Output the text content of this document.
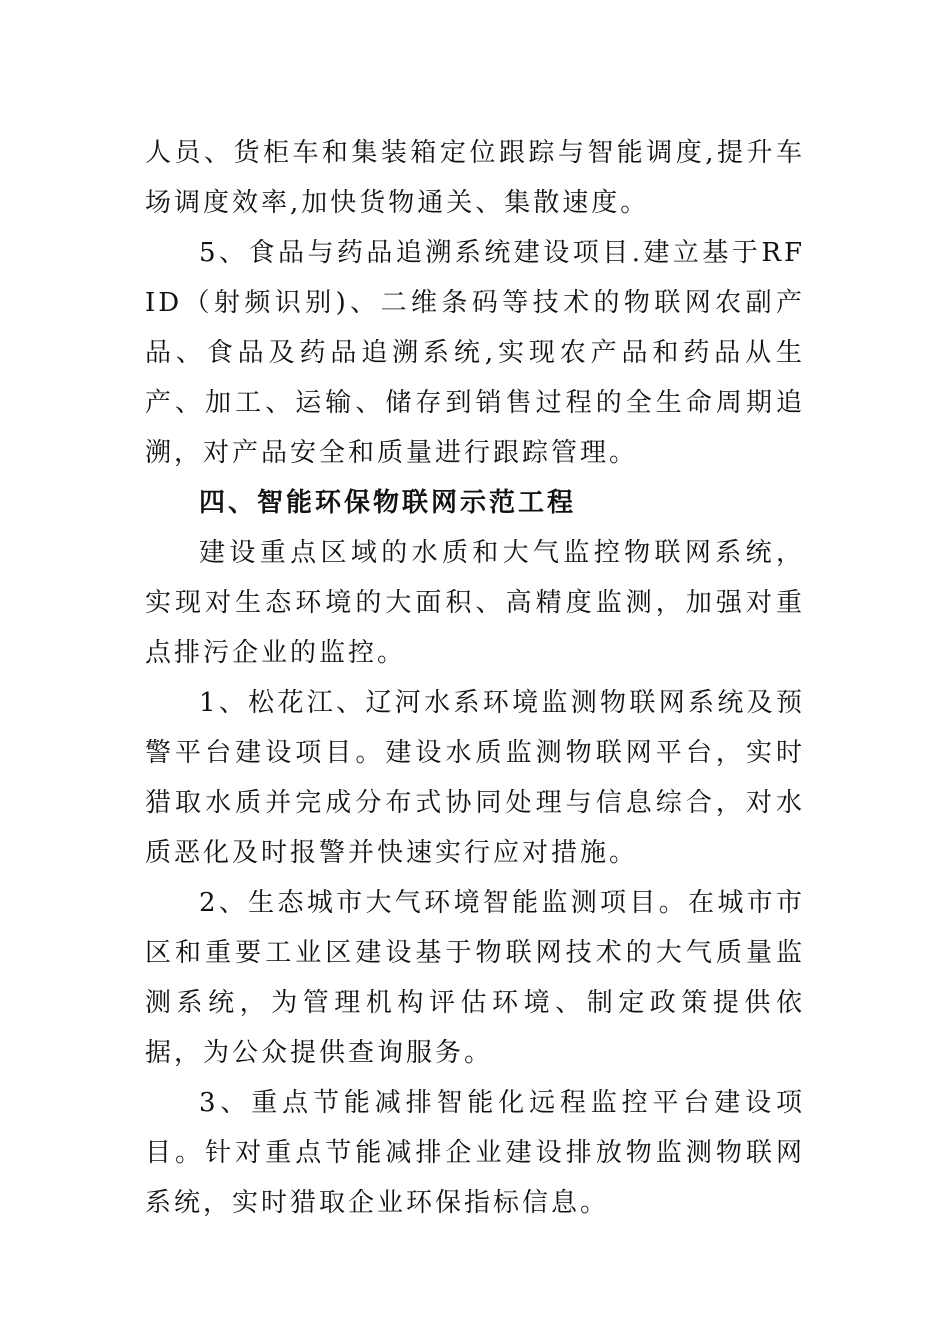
人员、货柜车和集装箱定位跟踪与智能调度,提升车场调度效率,加快货物通关、集散速度。

5、食品与药品追溯系统建设项目.建立基于RFID（射频识别)、二维条码等技术的物联网农副产品、食品及药品追溯系统,实现农产品和药品从生产、加工、运输、储存到销售过程的全生命周期追溯，对产品安全和质量进行跟踪管理。

四、智能环保物联网示范工程

建设重点区域的水质和大气监控物联网系统，实现对生态环境的大面积、高精度监测，加强对重点排污企业的监控。

1、松花江、辽河水系环境监测物联网系统及预警平台建设项目。建设水质监测物联网平台，实时猎取水质并完成分布式协同处理与信息综合，对水质恶化及时报警并快速实行应对措施。

2、生态城市大气环境智能监测项目。在城市市区和重要工业区建设基于物联网技术的大气质量监测系统，为管理机构评估环境、制定政策提供依据，为公众提供查询服务。

3、重点节能减排智能化远程监控平台建设项目。针对重点节能减排企业建设排放物监测物联网系统，实时猎取企业环保指标信息。
